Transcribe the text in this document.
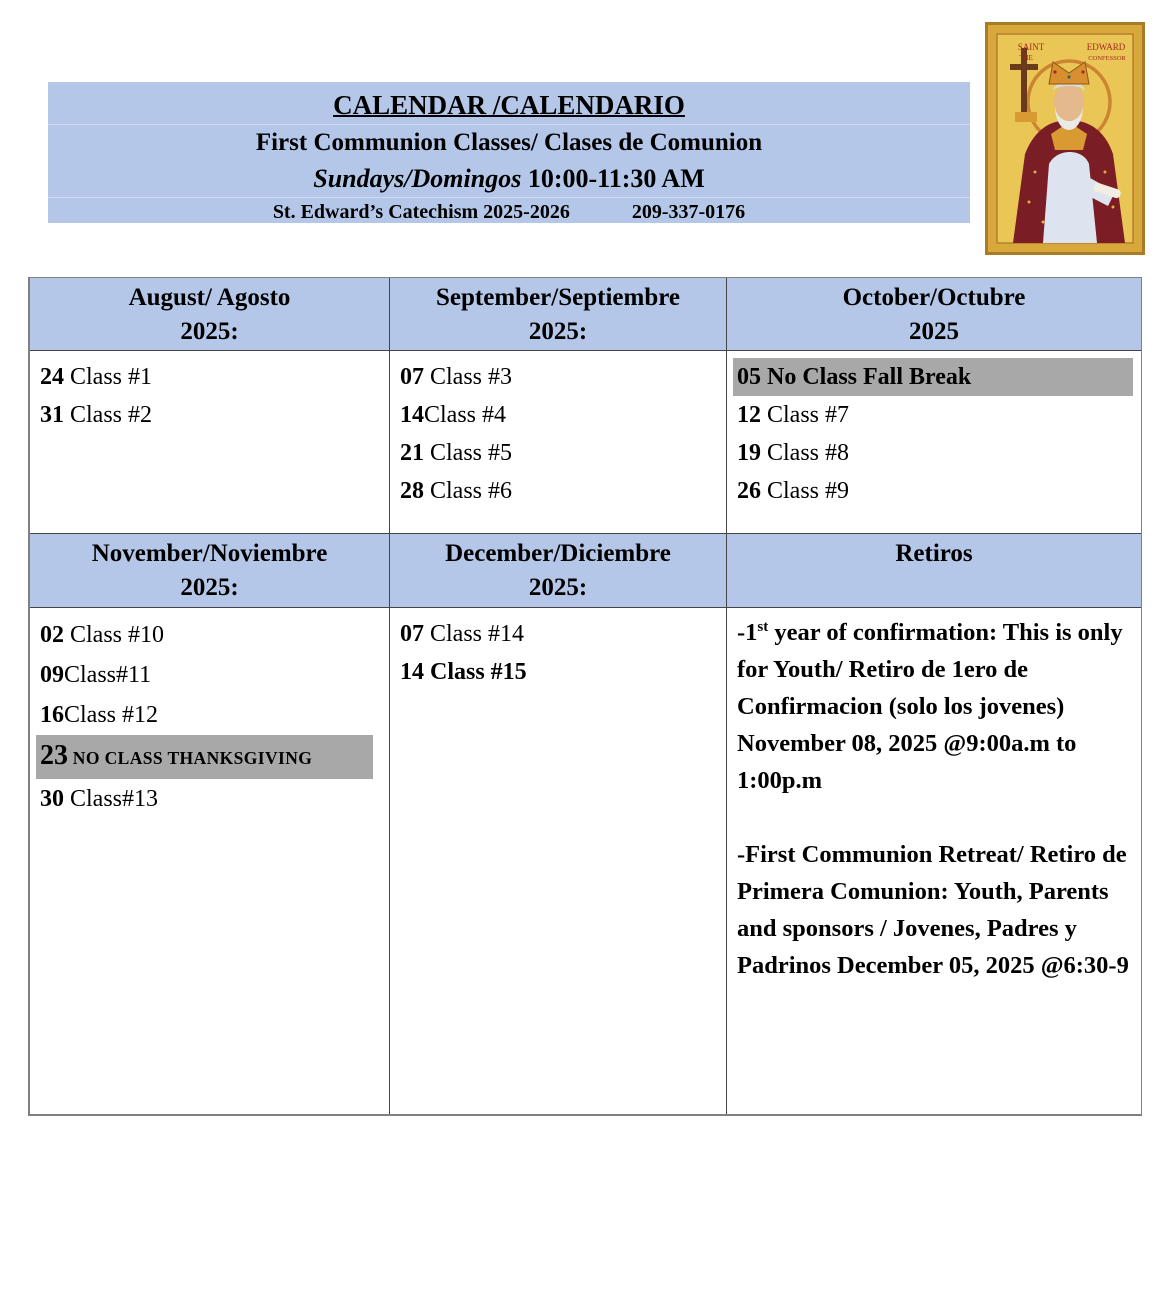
CALENDAR /CALENDARIO
First Communion Classes/ Clases de Comunion
Sundays/Domingos 10:00-11:30 AM
St. Edward’s Catechism 2025-2026	209-337-0176
SAINT
THE
EDWARD
CONFESSOR
August/ Agosto
2025:
September/Septiembre
2025:
October/Octubre
2025
24 Class #1
31 Class #2
07 Class #3
14Class #4
21 Class #5
28 Class #6
05 No Class Fall Break
12 Class #7
19 Class #8
26 Class #9
November/Noviembre
2025:
December/Diciembre
2025:
Retiros
02 Class #10
09Class#11
16Class #12
23 NO CLASS THANKSGIVING
30 Class#13
07 Class #14
14 Class #15

-1st year of confirmation: This is only for Youth/ Retiro de 1ero de Confirmacion (solo los jovenes) November 08, 2025 @9:00a.m to 1:00p.m

-First Communion Retreat/ Retiro de Primera Comunion: Youth, Parents and sponsors / Jovenes, Padres y Padrinos December 05, 2025 @6:30-9
